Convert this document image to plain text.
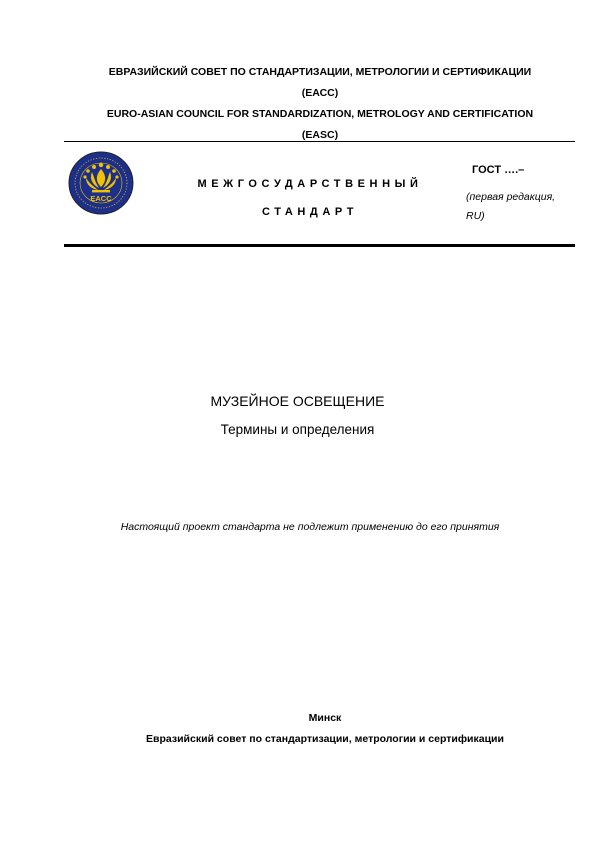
ЕВРАЗИЙСКИЙ СОВЕТ ПО СТАНДАРТИЗАЦИИ, МЕТРОЛОГИИ И СЕРТИФИКАЦИИ
(ЕАСС)
EURO-ASIAN COUNCIL FOR STANDARDIZATION, METROLOGY AND CERTIFICATION
(EASC)
EACC
МЕЖГОСУДАРСТВЕННЫЙ
СТАНДАРТ
ГОСТ ….–
(первая редакция,
RU)
МУЗЕЙНОЕ ОСВЕЩЕНИЕ
Термины и определения
Настоящий проект стандарта не подлежит применению до его принятия
Минск
Евразийский совет по стандартизации, метрологии и сертификации
